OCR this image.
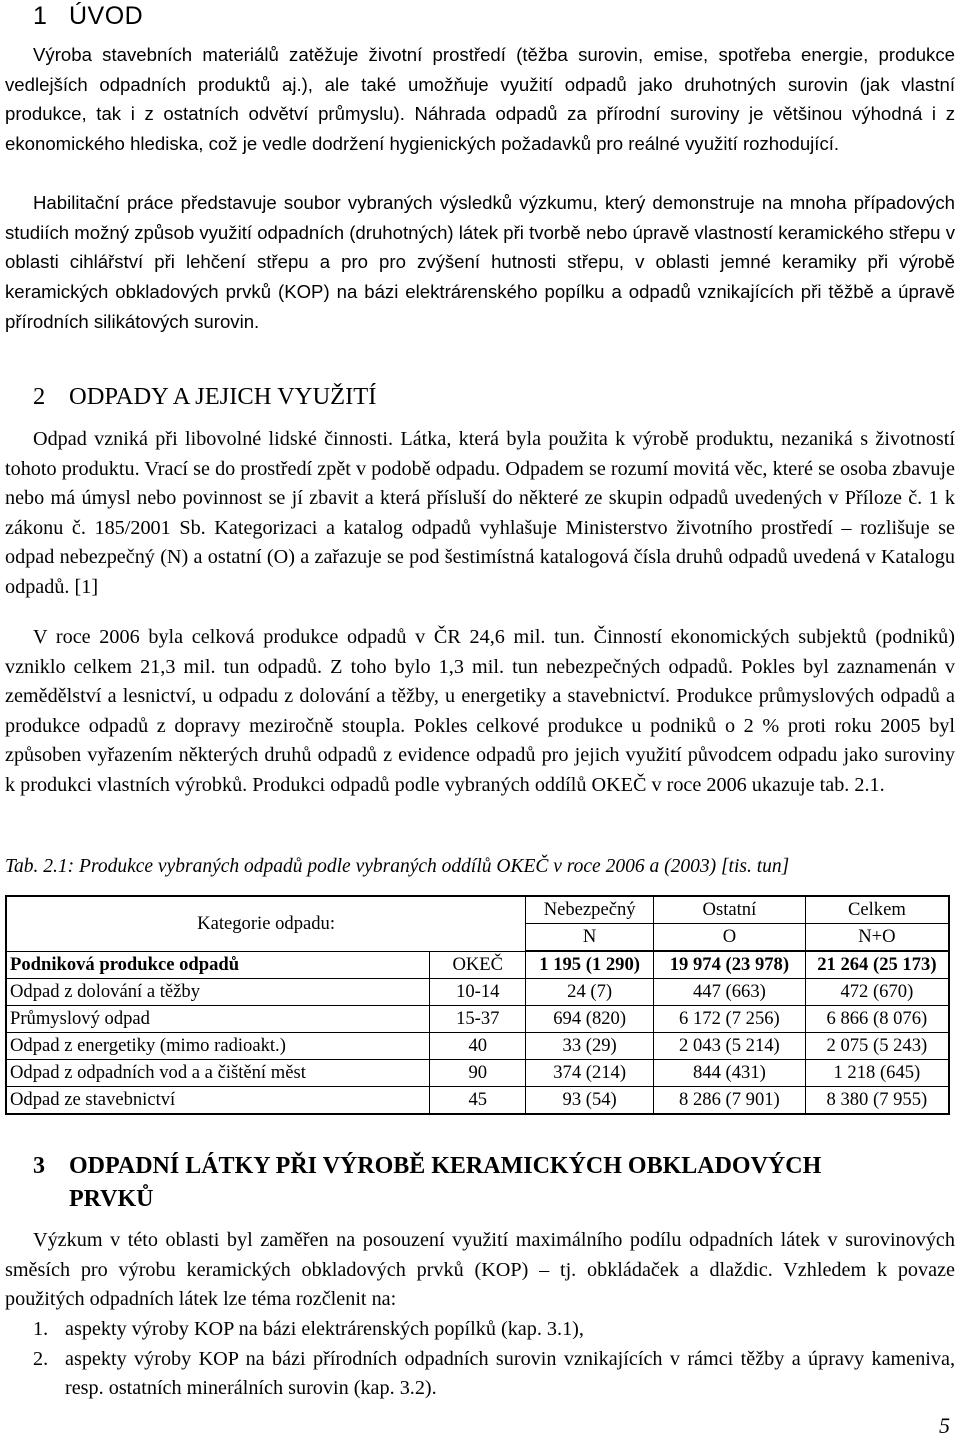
1 ÚVOD

Výroba stavebních materiálů zatěžuje životní prostředí (těžba surovin, emise, spotřeba energie, produkce vedlejších odpadních produktů aj.), ale také umožňuje využití odpadů jako druhotných surovin (jak vlastní produkce, tak i z ostatních odvětví průmyslu). Náhrada odpadů za přírodní suroviny je většinou výhodná i z ekonomického hlediska, což je vedle dodržení hygienických požadavků pro reálné využití rozhodující.

Habilitační práce představuje soubor vybraných výsledků výzkumu, který demonstruje na mnoha případových studiích možný způsob využití odpadních (druhotných) látek při tvorbě nebo úpravě vlastností keramického střepu v oblasti cihlářství při lehčení střepu a pro pro zvýšení hutnosti střepu, v oblasti jemné keramiky při výrobě keramických obkladových prvků (KOP) na bázi elektrárenského popílku a odpadů vznikajících při těžbě a úpravě přírodních silikátových surovin.

2 ODPADY A JEJICH VYUŽITÍ

Odpad vzniká při libovolné lidské činnosti. Látka, která byla použita k výrobě produktu, nezaniká s životností tohoto produktu. Vrací se do prostředí zpět v podobě odpadu. Odpadem se rozumí movitá věc, které se osoba zbavuje nebo má úmysl nebo povinnost se jí zbavit a která přísluší do některé ze skupin odpadů uvedených v Příloze č. 1 k zákonu č. 185/2001 Sb. Kategorizaci a katalog odpadů vyhlašuje Ministerstvo životního prostředí – rozlišuje se odpad nebezpečný (N) a ostatní (O) a zařazuje se pod šestimístná katalogová čísla druhů odpadů uvedená v Katalogu odpadů. [1]

V roce 2006 byla celková produkce odpadů v ČR 24,6 mil. tun. Činností ekonomických subjektů (podniků) vzniklo celkem 21,3 mil. tun odpadů. Z toho bylo 1,3 mil. tun nebezpečných odpadů. Pokles byl zaznamenán v zemědělství a lesnictví, u odpadu z dolování a těžby, u energetiky a stavebnictví. Produkce průmyslových odpadů a produkce odpadů z dopravy meziročně stoupla. Pokles celkové produkce u podniků o 2 % proti roku 2005 byl způsoben vyřazením některých druhů odpadů z evidence odpadů pro jejich využití původcem odpadu jako suroviny k produkci vlastních výrobků. Produkci odpadů podle vybraných oddílů OKEČ v roce 2006 ukazuje tab. 2.1.

Tab. 2.1: Produkce vybraných odpadů podle vybraných oddílů OKEČ v roce 2006 a (2003) [tis. tun]
Kategorie odpadu:		Nebezpečný	Ostatní	Celkem
		N	O	N+O
Podniková produkce odpadů	OKEČ	1 195 (1 290)	19 974 (23 978)	21 264 (25 173)
Odpad z dolování a těžby	10-14	24 (7)	447 (663)	472 (670)
Průmyslový odpad	15-37	694 (820)	6 172 (7 256)	6 866 (8 076)
Odpad z energetiky (mimo radioakt.)	40	33 (29)	2 043 (5 214)	2 075 (5 243)
Odpad z odpadních vod a a čištění měst	90	374 (214)	844 (431)	1 218 (645)
Odpad ze stavebnictví	45	93 (54)	8 286 (7 901)	8 380 (7 955)
3 ODPADNÍ LÁTKY PŘI VÝROBĚ KERAMICKÝCH OBKLADOVÝCH
PRVKŮ

Výzkum v této oblasti byl zaměřen na posouzení využití maximálního podílu odpadních látek v surovinových směsích pro výrobu keramických obkladových prvků (KOP) – tj. obkládaček a dlaždic. Vzhledem k povaze použitých odpadních látek lze téma rozčlenit na:

1. aspekty výroby KOP na bázi elektrárenských popílků (kap. 3.1),
2. aspekty výroby KOP na bázi přírodních odpadních surovin vznikajících v rámci těžby a úpravy kameniva, resp. ostatních minerálních surovin (kap. 3.2).
5
